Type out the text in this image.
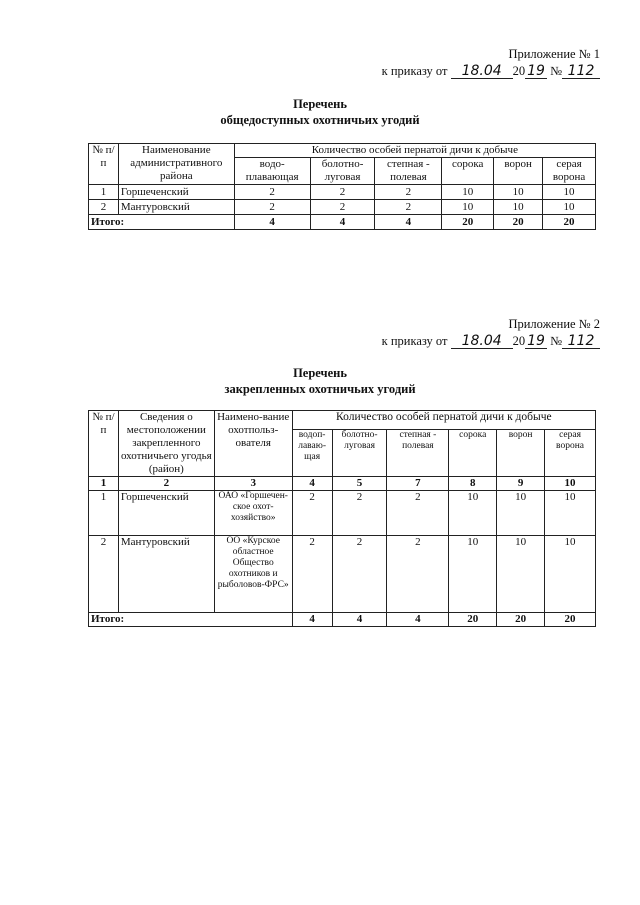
Приложение № 1
к приказу от 18.04 20 19 № 112
Перечень
общедоступных охотничьих угодий
№ п/п	Наименование административного района	Количество особей пернатой дичи к добыче					
		водо-плавающая	болотно-луговая	степная - полевая	сорока	ворон	серая ворона
1	Горшеченский	2	2	2	10	10	10
2	Мантуровский	2	2	2	10	10	10
Итого:		4	4	4	20	20	20
Приложение № 2
к приказу от 18.04 20 19 № 112
Перечень
закрепленных охотничьих угодий
№ п/п	Сведения о местоположении закрепленного охотничьего угодья (район)	Наимено-вание охотпольз-ователя	Количество особей пернатой дичи к добыче					
			водоп-лаваю-щая	болотно-луговая	степная - полевая	сорока	ворон	серая ворона
1	2	3	4	5	7	8	9	10
1	Горшеченский	ОАО «Горшечен-ское охот-хозяйство»	2	2	2	10	10	10
2	Мантуровский	ОО «Курское областное Общество охотников и рыболовов-ФРС»	2	2	2	10	10	10
Итого:			4	4	4	20	20	20
